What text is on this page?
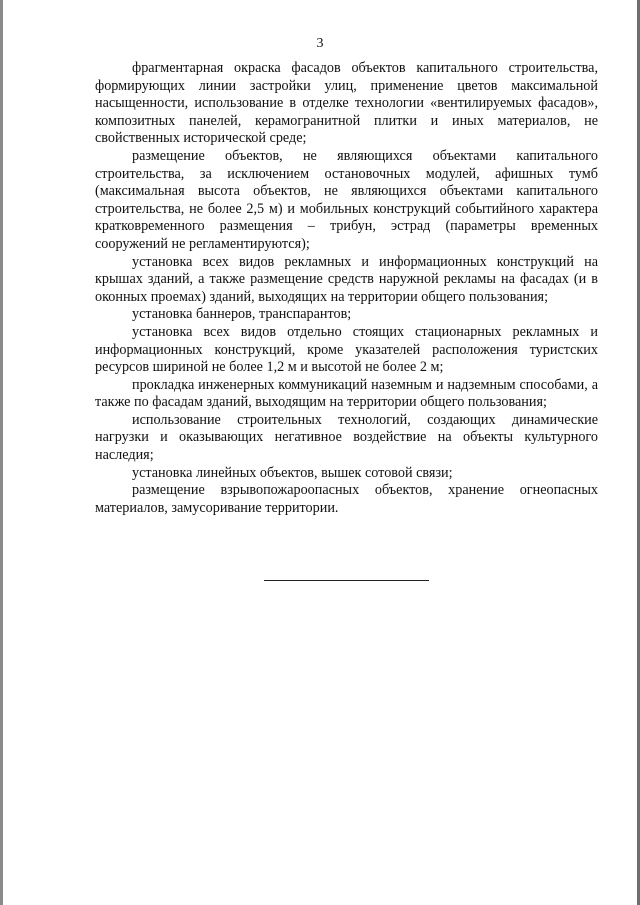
3

фрагментарная окраска фасадов объектов капитального строительства, формирующих линии застройки улиц, применение цветов максимальной насыщенности, использование в отделке технологии «вентилируемых фасадов», композитных панелей, керамогранитной плитки и иных материалов, не свойственных исторической среде;

размещение объектов, не являющихся объектами капитального строительства, за исключением остановочных модулей, афишных тумб (максимальная высота объектов, не являющихся объектами капитального строительства, не более 2,5 м) и мобильных конструкций событийного характера кратковременного размещения – трибун, эстрад (параметры временных сооружений не регламентируются);

установка всех видов рекламных и информационных конструкций на крышах зданий, а также размещение средств наружной рекламы на фасадах (и в оконных проемах) зданий, выходящих на территории общего пользования;

установка баннеров, транспарантов;

установка всех видов отдельно стоящих стационарных рекламных и информационных конструкций, кроме указателей расположения туристских ресурсов шириной не более 1,2 м и высотой не более 2 м;

прокладка инженерных коммуникаций наземным и надземным способами, а также по фасадам зданий, выходящим на территории общего пользования;

использование строительных технологий, создающих динамические нагрузки и оказывающих негативное воздействие на объекты культурного наследия;

установка линейных объектов, вышек сотовой связи;

размещение взрывопожароопасных объектов, хранение огнеопасных материалов, замусоривание территории.
